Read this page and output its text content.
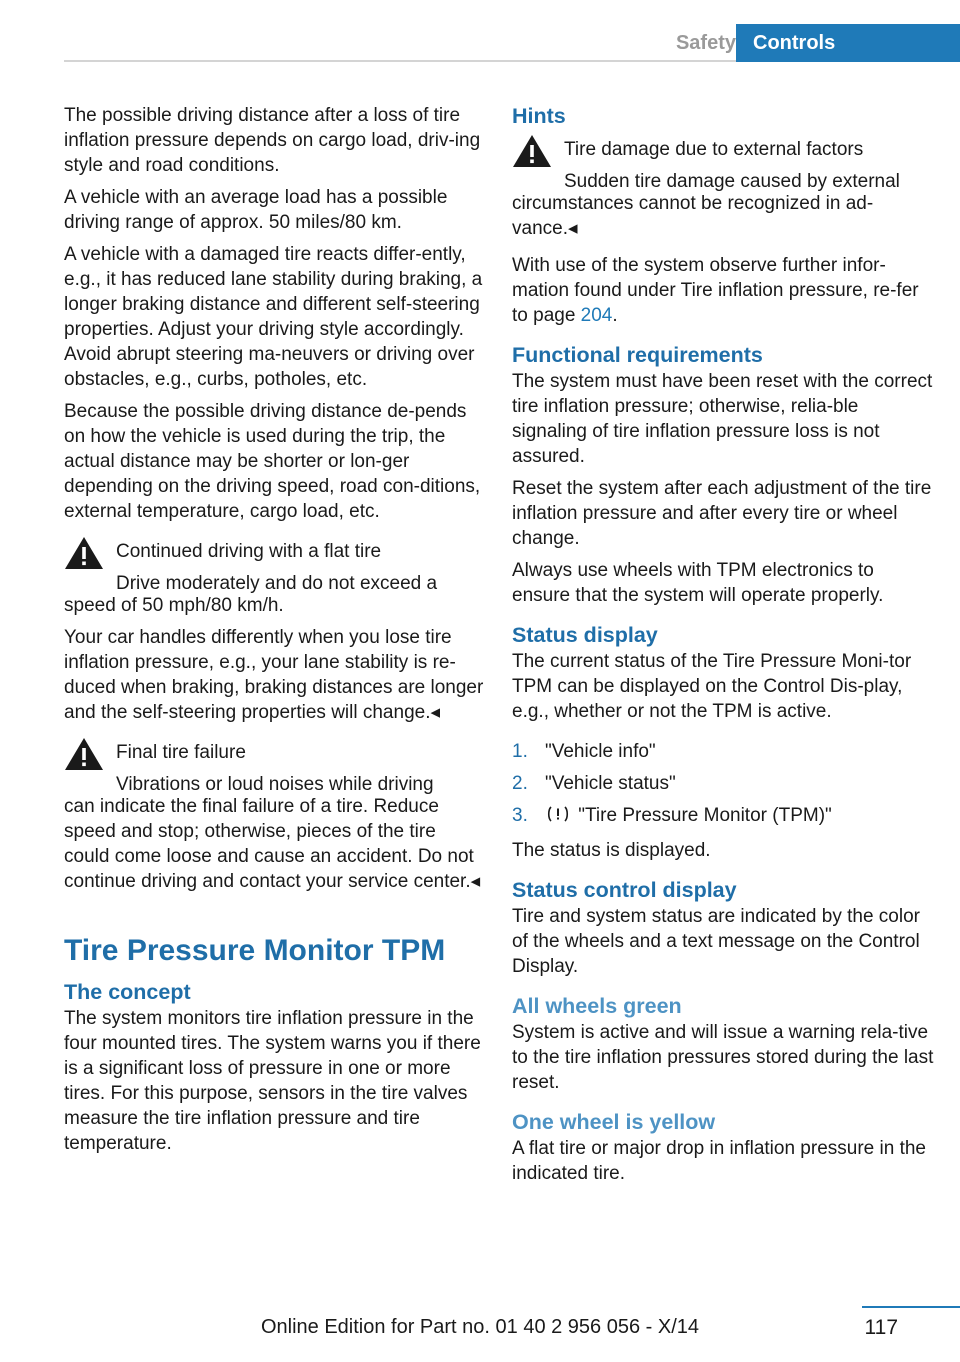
Safety Controls
The possible driving distance after a loss of tire inflation pressure depends on cargo load, driv-ing style and road conditions.
A vehicle with an average load has a possible driving range of approx. 50 miles/80 km.
A vehicle with a damaged tire reacts differ-ently, e.g., it has reduced lane stability during braking, a longer braking distance and different self-steering properties. Adjust your driving style accordingly. Avoid abrupt steering ma-neuvers or driving over obstacles, e.g., curbs, potholes, etc.
Because the possible driving distance de-pends on how the vehicle is used during the trip, the actual distance may be shorter or lon-ger depending on the driving speed, road con-ditions, external temperature, cargo load, etc.
Continued driving with a flat tire
Drive moderately and do not exceed a
speed of 50 mph/80 km/h.
Your car handles differently when you lose tire inflation pressure, e.g., your lane stability is re-duced when braking, braking distances are longer and the self-steering properties will change.◂
Final tire failure
Vibrations or loud noises while driving
can indicate the final failure of a tire. Reduce speed and stop; otherwise, pieces of the tire could come loose and cause an accident. Do not continue driving and contact your service center.◂
Tire Pressure Monitor TPM
The concept
The system monitors tire inflation pressure in the four mounted tires. The system warns you if there is a significant loss of pressure in one or more tires. For this purpose, sensors in the tire valves measure the tire inflation pressure and tire temperature.
Hints
Tire damage due to external factors
Sudden tire damage caused by external
circumstances cannot be recognized in ad-vance.◂
With use of the system observe further infor-mation found under Tire inflation pressure, re-fer to page 204.
Functional requirements
The system must have been reset with the correct tire inflation pressure; otherwise, relia-ble signaling of tire inflation pressure loss is not assured.
Reset the system after each adjustment of the tire inflation pressure and after every tire or wheel change.
Always use wheels with TPM electronics to ensure that the system will operate properly.
Status display
The current status of the Tire Pressure Moni-tor TPM can be displayed on the Control Dis-play, e.g., whether or not the TPM is active.
1. "Vehicle info"
2. "Vehicle status"
3.	"Tire Pressure Monitor (TPM)"
The status is displayed.
Status control display
Tire and system status are indicated by the color of the wheels and a text message on the Control Display.
All wheels green
System is active and will issue a warning rela-tive to the tire inflation pressures stored during the last reset.
One wheel is yellow
A flat tire or major drop in inflation pressure in the indicated tire.
117
Online Edition for Part no. 01 40 2 956 056 - X/14
